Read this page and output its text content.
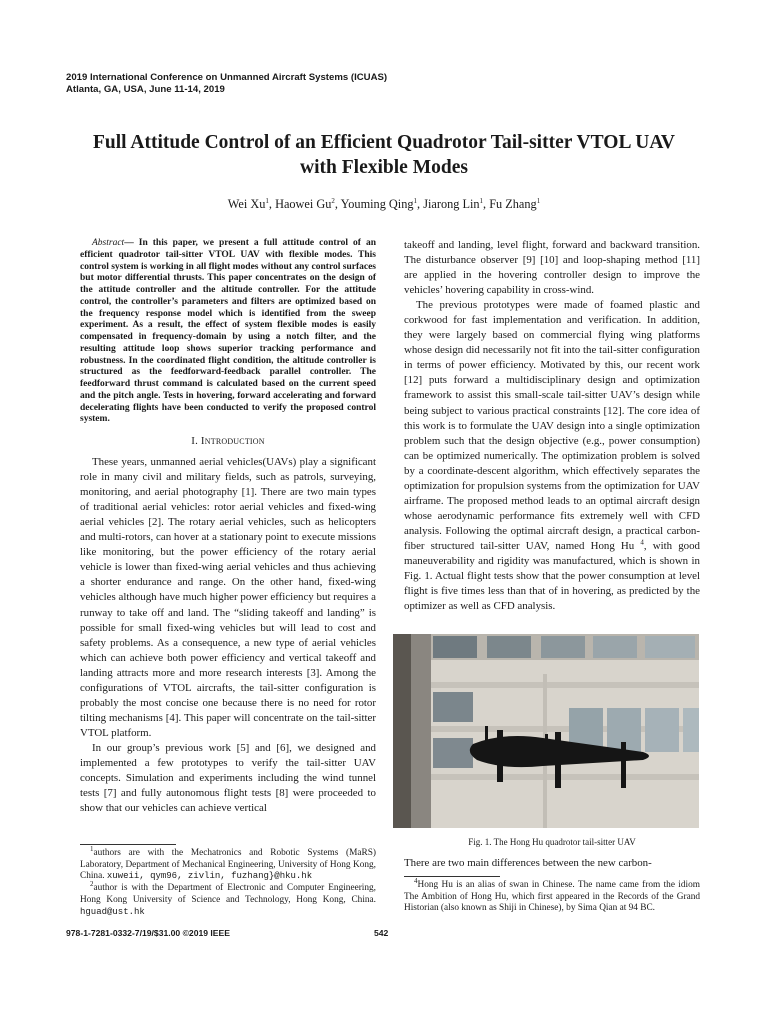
2019 International Conference on Unmanned Aircraft Systems (ICUAS)
Atlanta, GA, USA, June 11-14, 2019
Full Attitude Control of an Efficient Quadrotor Tail-sitter VTOL UAV
with Flexible Modes
Wei Xu$^1$, Haowei Gu$^2$, Youming Qing$^1$, Jiarong Lin$^1$, Fu Zhang$^1$

Abstract— In this paper, we present a full attitude control of an efficient quadrotor tail-sitter VTOL UAV with flexible modes. This control system is working in all flight modes without any control surfaces but motor differential thrusts. This paper concentrates on the design of the attitude controller and the altitude controller. For the attitude control, the controller’s parameters and filters are optimized based on the frequency response model which is identified from the sweep experiment. As a result, the effect of system flexible modes is easily compensated in frequency-domain by using a notch filter, and the resulting attitude loop shows superior tracking performance and robustness. In the coordinated flight condition, the altitude controller is structured as the feedforward-feedback parallel controller. The feedforward thrust command is calculated based on the current speed and the pitch angle. Tests in hovering, forward accelerating and forward decelerating flights have been conducted to verify the proposed control system.

I. Introduction

These years, unmanned aerial vehicles(UAVs) play a significant role in many civil and military fields, such as patrols, surveying, monitoring, and aerial photography [1]. There are two main types of traditional aerial vehicles: rotor aerial vehicles and fixed-wing aerial vehicles [2]. The rotary aerial vehicles, such as helicopters and multi-rotors, can hover at a stationary point to execute missions like monitoring, but the power efficiency of the rotary aerial vehicle is lower than fixed-wing aerial vehicles and thus achieving a shorter endurance and range. On the other hand, fixed-wing vehicles although have much higher power efficiency but requires a runway to take off and land. The “sliding takeoff and landing” is possible for small fixed-wing vehicles but will lead to cost and safety problems. As a consequence, a new type of aerial vehicles which can achieve both power efficiency and vertical takeoff and landing attracts more and more research interests [3]. Among the configurations of VTOL aircrafts, the tail-sitter configuration is probably the most concise one because there is no need for rotor tilting mechanisms [4]. This paper will concentrate on the tail-sitter VTOL platform.

In our group’s previous work [5] and [6], we designed and implemented a few prototypes to verify the tail-sitter UAV concepts. Simulation and experiments including the wind tunnel tests [7] and fully autonomous flight tests [8] were proceeded to show that our vehicles can achieve vertical

$^1$authors are with the Mechatronics and Robotic Systems (MaRS) Laboratory, Department of Mechanical Engineering, University of Hong Kong, China. xuweii, qym96, zivlin, fuzhang}@hku.hk

$^2$author is with the Department of Electronic and Computer Engineering, Hong Kong University of Science and Technology, Hong Kong, China. hguad@ust.hk

takeoff and landing, level flight, forward and backward transition. The disturbance observer [9] [10] and loop-shaping method [11] are applied in the hovering controller design to improve the vehicles’ hovering capability in cross-wind.

The previous prototypes were made of foamed plastic and corkwood for fast implementation and verification. In addition, they were largely based on commercial flying wing platforms whose design did necessarily not fit into the tail-sitter configuration in terms of power efficiency. Motivated by this, our recent work [12] puts forward a multidisciplinary design and optimization framework to assist this small-scale tail-sitter UAV’s design while being subject to various practical constraints [12]. The core idea of this work is to formulate the UAV design into a single optimization problem such that the design objective (e.g., power consumption) can be optimized numerically. The optimization problem is solved by a coordinate-descent algorithm, which effectively separates the optimization for propulsion systems from the optimization for UAV airframe. The proposed method leads to an optimal aircraft design whose aerodynamic performance fits extremely well with CFD analysis. Following the optimal aircraft design, a practical carbon-fiber structured tail-sitter UAV, named Hong Hu $^4$, with good maneuverability and rigidity was manufactured, which is shown in Fig. 1. Actual flight tests show that the power consumption at level flight is five times less than that of in hovering, as predicted by the optimizer as well as CFD analysis.

Fig. 1. The Hong Hu quadrotor tail-sitter UAV
There are two main differences between the new carbon-
$^4$Hong Hu is an alias of swan in Chinese. The name came from the idiom The Ambition of Hong Hu, which first appeared in the Records of the Grand Historian (also known as Shiji in Chinese), by Sima Qian at 94 BC.
978-1-7281-0332-7/19/$31.00 ©2019 IEEE	542
